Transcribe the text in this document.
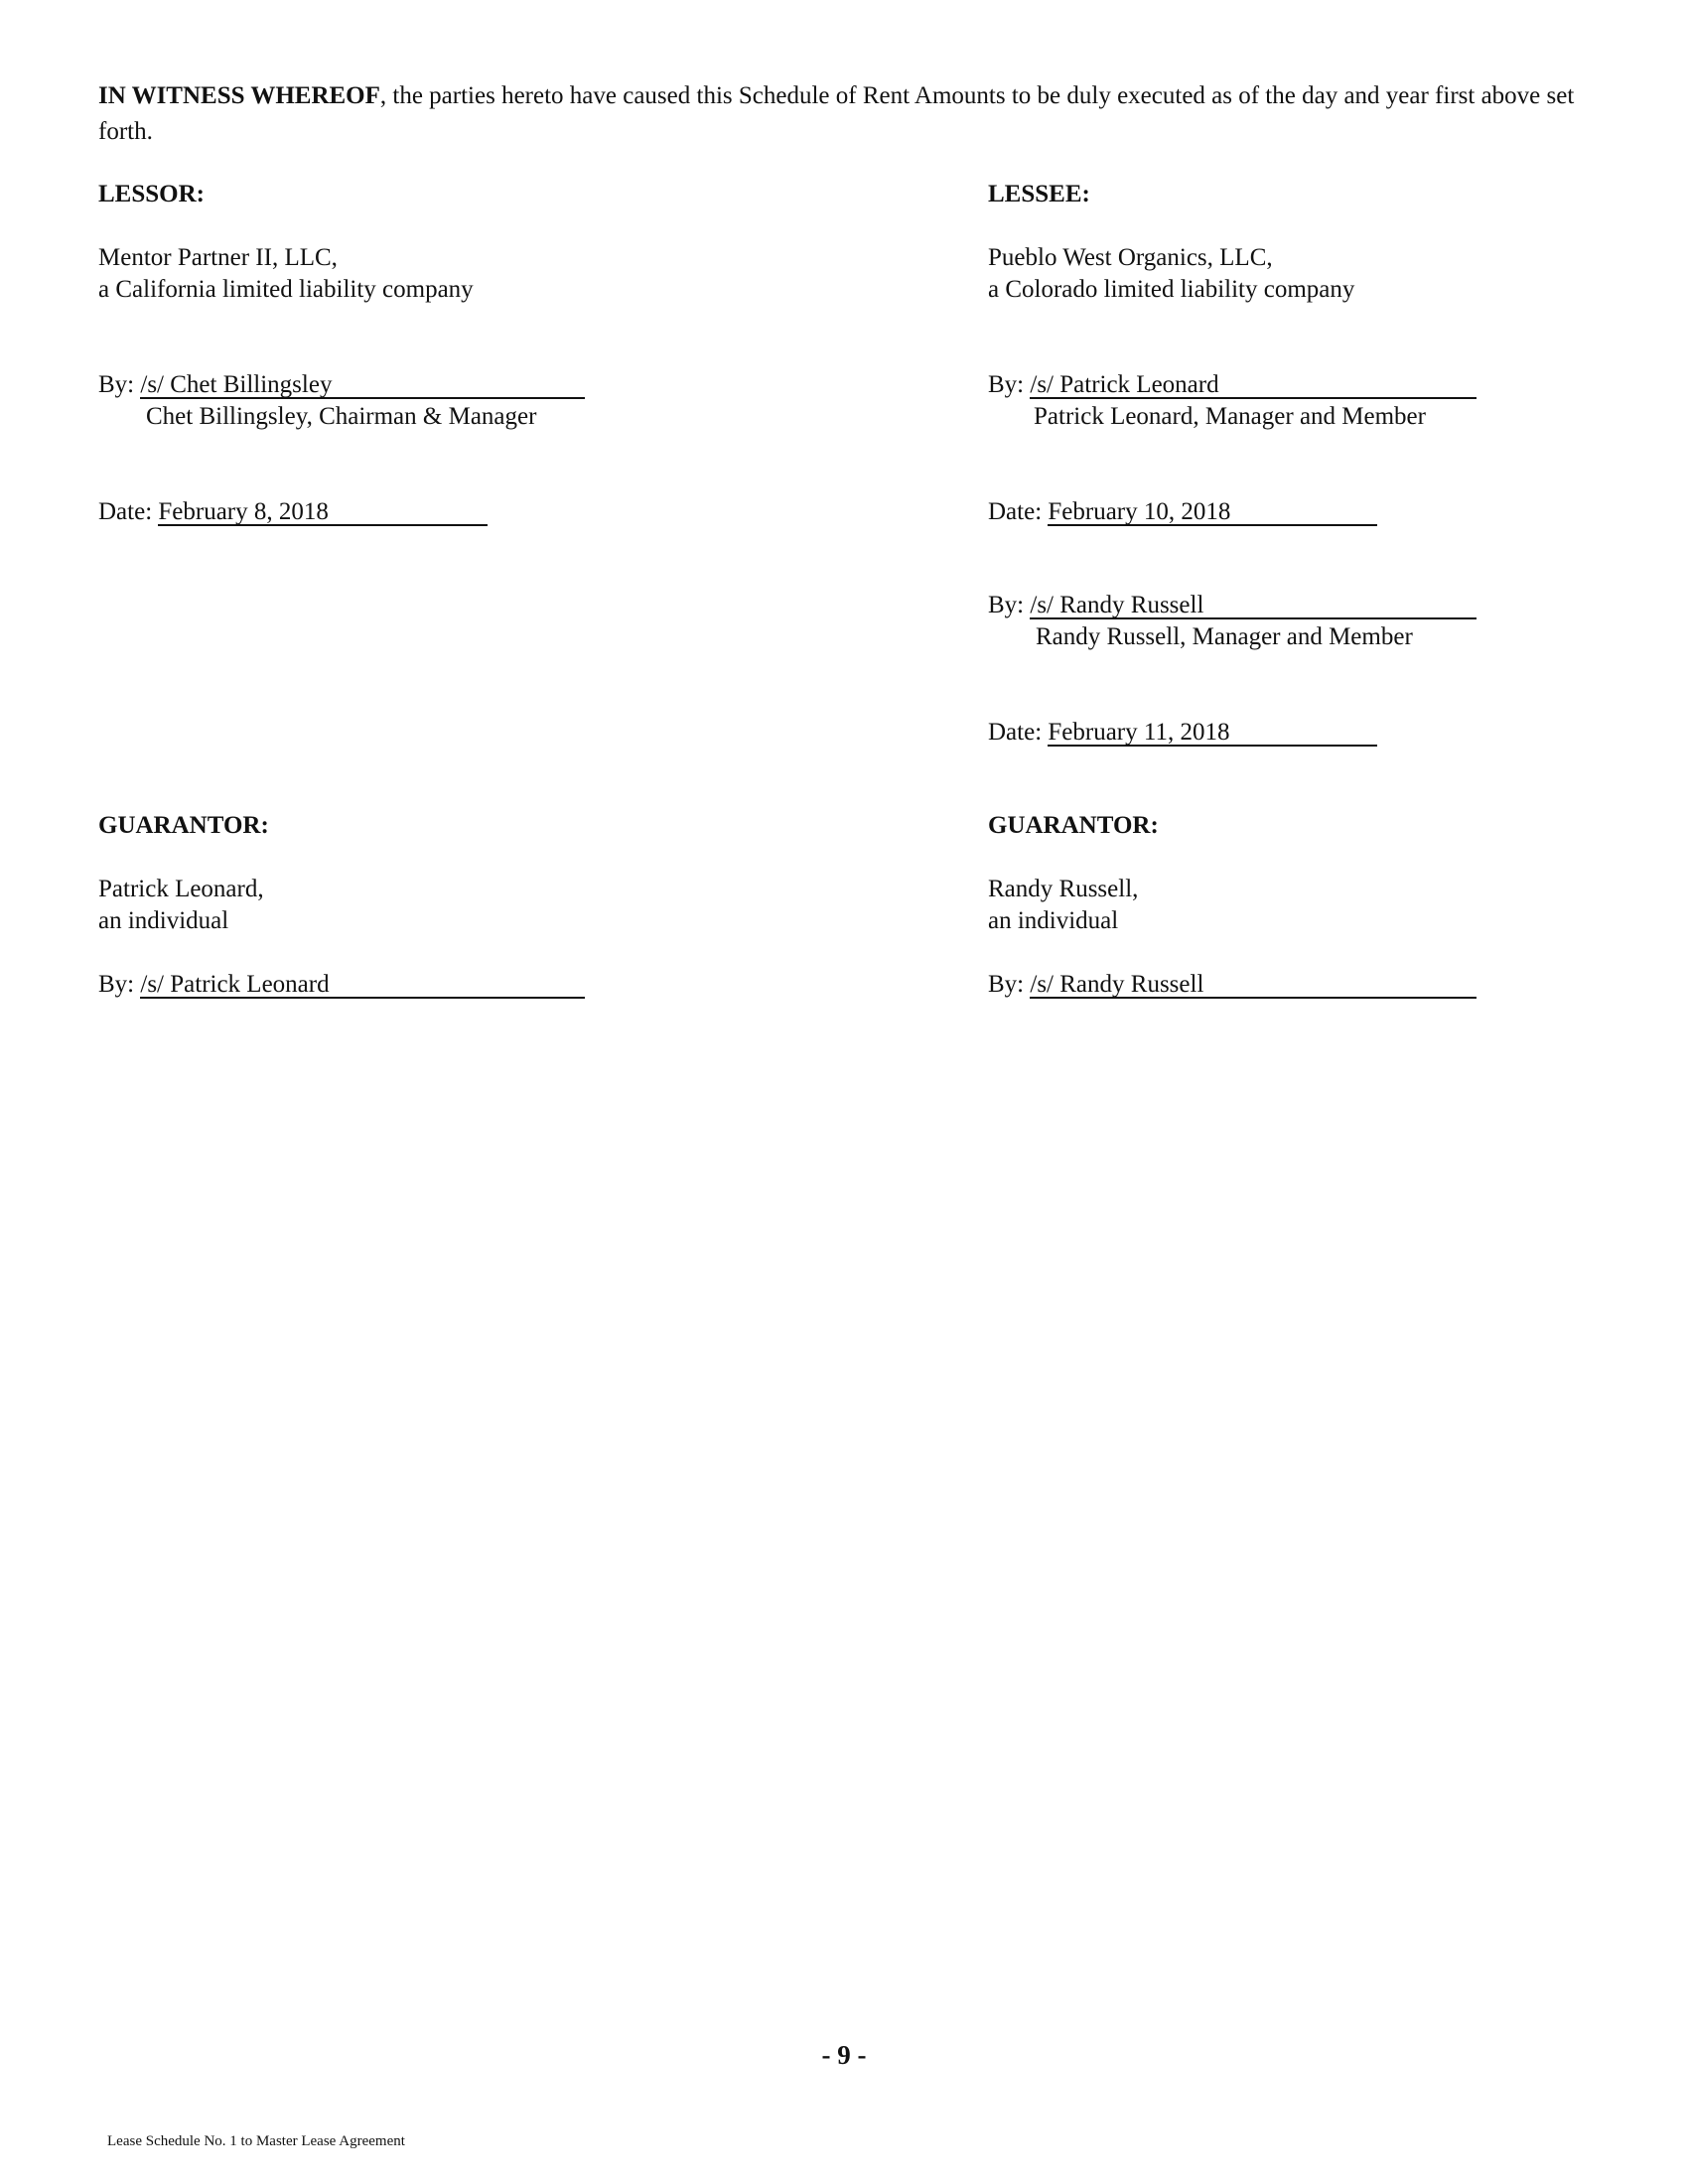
IN WITNESS WHEREOF, the parties hereto have caused this Schedule of Rent Amounts to be duly executed as of the day and year first above set forth.
LESSOR:
Mentor Partner II, LLC,
a California limited liability company
By: /s/ Chet Billingsley
Chet Billingsley, Chairman & Manager
Date: February 8, 2018
LESSEE:
Pueblo West Organics, LLC,
a Colorado limited liability company
By: /s/ Patrick Leonard
Patrick Leonard, Manager and Member
Date: February 10, 2018
By: /s/ Randy Russell
Randy Russell, Manager and Member
Date: February 11, 2018
GUARANTOR:
Patrick Leonard,
an individual
By: /s/ Patrick Leonard
GUARANTOR:
Randy Russell,
an individual
By: /s/ Randy Russell
- 9 -
Lease Schedule No. 1 to Master Lease Agreement
